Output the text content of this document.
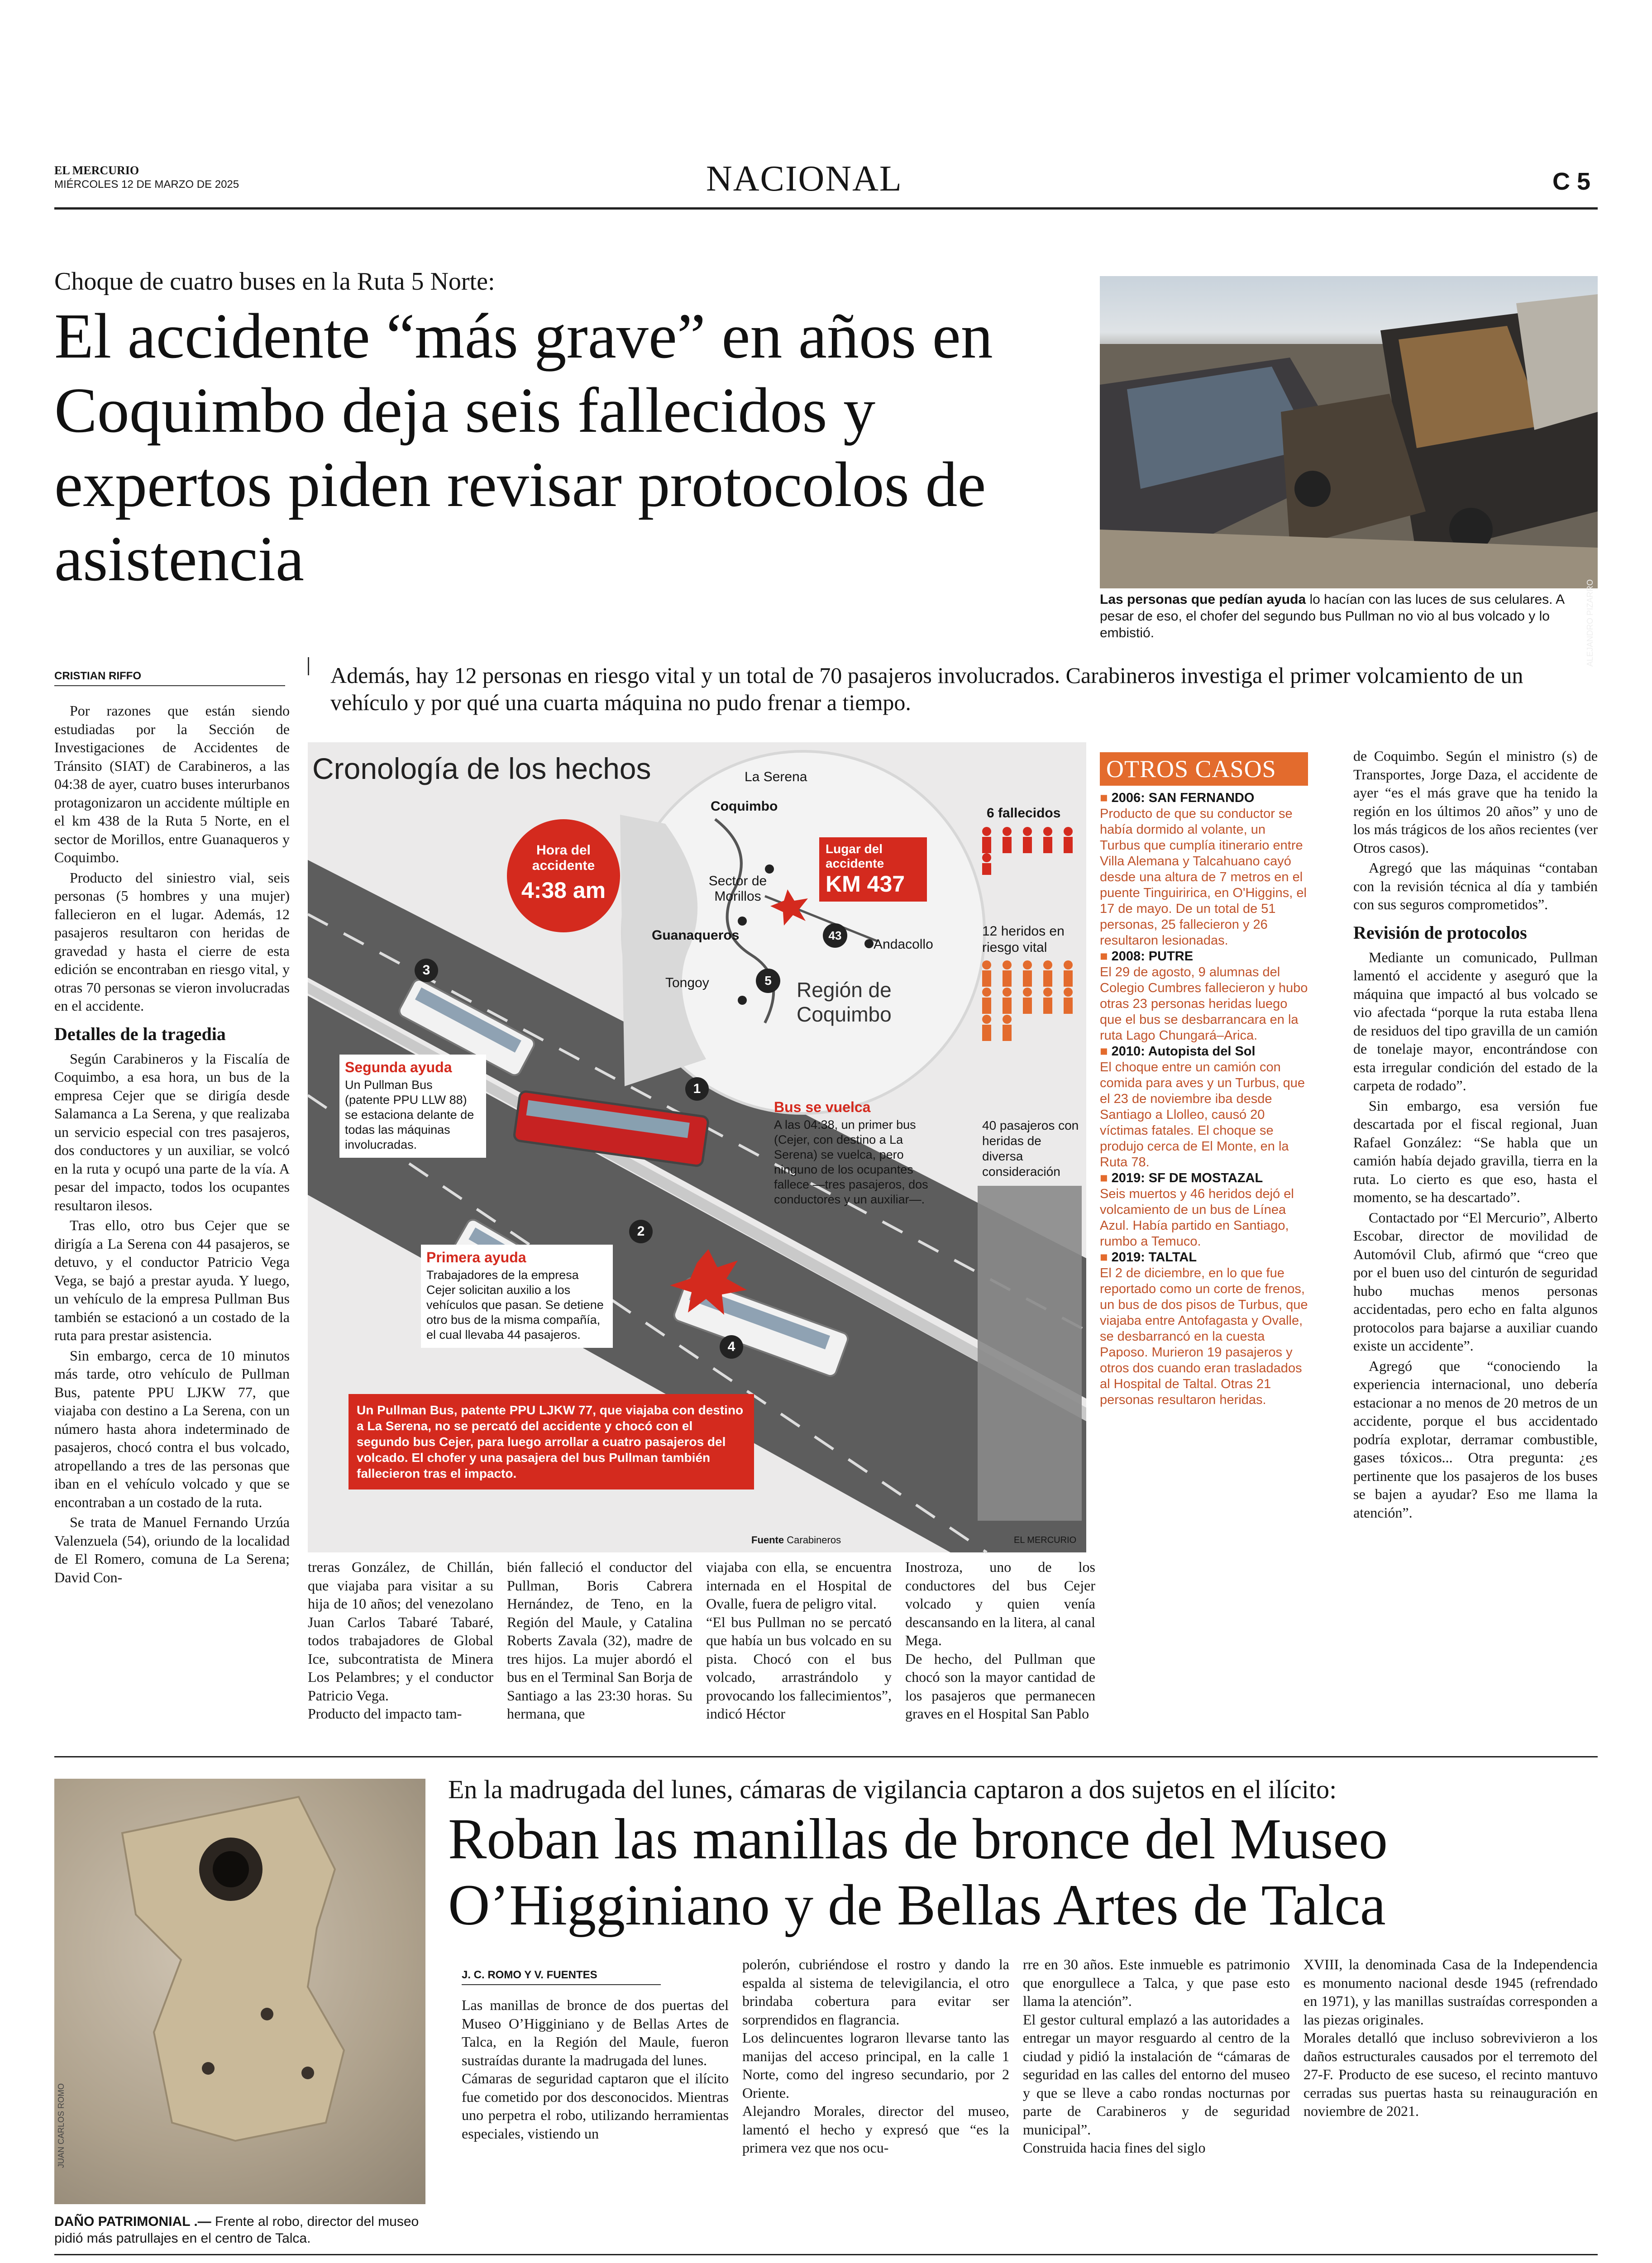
EL MERCURIO
MIÉRCOLES 12 DE MARZO DE 2025	NACIONAL	C 5
Choque de cuatro buses en la Ruta 5 Norte:
El accidente “más grave” en años en Coquimbo deja seis fallecidos y expertos piden revisar protocolos de asistencia
ALEJANDRO PIZARRO
Las personas que pedían ayuda lo hacían con las luces de sus celulares. A pesar de eso, el chofer del segundo bus Pullman no vio al bus volcado y lo embistió.
Además, hay 12 personas en riesgo vital y un total de 70 pasajeros involucrados. Carabineros investiga el primer volcamiento de un vehículo y por qué una cuarta máquina no pudo frenar a tiempo.
CRISTIAN RIFFO

Por razones que están siendo estudiadas por la Sección de Investigaciones de Accidentes de Tránsito (SIAT) de Carabineros, a las 04:38 de ayer, cuatro buses interurbanos protagonizaron un accidente múltiple en el km 438 de la Ruta 5 Norte, en el sector de Morillos, entre Guanaqueros y Coquimbo.

Producto del siniestro vial, seis personas (5 hombres y una mujer) fallecieron en el lugar. Además, 12 pasajeros resultaron con heridas de gravedad y hasta el cierre de esta edición se encontraban en riesgo vital, y otras 70 personas se vieron involucradas en el accidente.

Detalles de la tragedia

Según Carabineros y la Fiscalía de Coquimbo, a esa hora, un bus de la empresa Cejer que se dirigía desde Salamanca a La Serena, y que realizaba un servicio especial con tres pasajeros, dos conductores y un auxiliar, se volcó en la ruta y ocupó una parte de la vía. A pesar del impacto, todos los ocupantes resultaron ilesos.

Tras ello, otro bus Cejer que se dirigía a La Serena con 44 pasajeros, se detuvo, y el conductor Patricio Vega Vega, se bajó a prestar ayuda. Y luego, un vehículo de la empresa Pullman Bus también se estacionó a un costado de la ruta para prestar asistencia.

Sin embargo, cerca de 10 minutos más tarde, otro vehículo de Pullman Bus, patente PPU LJKW 77, que viajaba con destino a La Serena, con un número hasta ahora indeterminado de pasajeros, chocó contra el bus volcado, atropellando a tres de las personas que iban en el vehículo volcado y que se encontraban a un costado de la ruta.

Se trata de Manuel Fernando Urzúa Valenzuela (54), oriundo de la localidad de El Romero, comuna de La Serena; David Con-

Cronología de los hechos
Hora del accidente
4:38 am
La Serena
Coquimbo
Sector de Morillos
Guanaqueros
Tongoy
Andacollo
Región de Coquimbo
43
5
Lugar del accidente
KM 437
6 fallecidos
12 heridos en riesgo vital
40 pasajeros con heridas de diversa consideración
3
1
2
4
Bus se vuelca
A las 04:38, un primer bus (Cejer, con destino a La Serena) se vuelca, pero ninguno de los ocupantes fallece —tres pasajeros, dos conductores y un auxiliar—.
Segunda ayuda
Un Pullman Bus (patente PPU LLW 88) se estaciona delante de todas las máquinas involucradas.
Primera ayuda
Trabajadores de la empresa Cejer solicitan auxilio a los vehículos que pasan. Se detiene otro bus de la misma compañía, el cual llevaba 44 pasajeros.
Un Pullman Bus, patente PPU LJKW 77, que viajaba con destino a La Serena, no se percató del accidente y chocó con el segundo bus Cejer, para luego arrollar a cuatro pasajeros del volcado. El chofer y una pasajera del bus Pullman también fallecieron tras el impacto.
Fuente Carabineros	EL MERCURIO
OTROS CASOS

■ 2006: SAN FERNANDO

Producto de que su conductor se había dormido al volante, un Turbus que cumplía itinerario entre Villa Alemana y Talcahuano cayó desde una altura de 7 metros en el puente Tinguiririca, en O'Higgins, el 17 de mayo. De un total de 51 personas, 25 fallecieron y 26 resultaron lesionadas.

■ 2008: PUTRE

El 29 de agosto, 9 alumnas del Colegio Cumbres fallecieron y hubo otras 23 personas heridas luego que el bus se desbarrancara en la ruta Lago Chungará–Arica.

■ 2010: Autopista del Sol

El choque entre un camión con comida para aves y un Turbus, que el 23 de noviembre iba desde Santiago a Llolleo, causó 20 víctimas fatales. El choque se produjo cerca de El Monte, en la Ruta 78.

■ 2019: SF DE MOSTAZAL

Seis muertos y 46 heridos dejó el volcamiento de un bus de Línea Azul. Había partido en Santiago, rumbo a Temuco.

■ 2019: TALTAL

El 2 de diciembre, en lo que fue reportado como un corte de frenos, un bus de dos pisos de Turbus, que viajaba entre Antofagasta y Ovalle, se desbarrancó en la cuesta Paposo. Murieron 19 pasajeros y otros dos cuando eran trasladados al Hospital de Taltal. Otras 21 personas resultaron heridas.

de Coquimbo. Según el ministro (s) de Transportes, Jorge Daza, el accidente de ayer “es el más grave que ha tenido la región en los últimos 20 años” y uno de los más trágicos de los años recientes (ver Otros casos).

Agregó que las máquinas “contaban con la revisión técnica al día y también con sus seguros comprometidos”.

Revisión de protocolos

Mediante un comunicado, Pullman lamentó el accidente y aseguró que la máquina que impactó al bus volcado se vio afectada “porque la ruta estaba llena de residuos del tipo gravilla de un camión de tonelaje mayor, encontrándose con esta irregular condición del estado de la carpeta de rodado”.

Sin embargo, esa versión fue descartada por el fiscal regional, Juan Rafael González: “Se habla que un camión había dejado gravilla, tierra en la ruta. Lo cierto es que eso, hasta el momento, se ha descartado”.

Contactado por “El Mercurio”, Alberto Escobar, director de movilidad de Automóvil Club, afirmó que “creo que por el buen uso del cinturón de seguridad hubo muchas menos personas accidentadas, pero echo en falta algunos protocolos para bajarse a auxiliar cuando existe un accidente”.

Agregó que “conociendo la experiencia internacional, uno debería estacionar a no menos de 20 metros de un accidente, porque el bus accidentado podría explotar, derramar combustible, gases tóxicos... Otra pregunta: ¿es pertinente que los pasajeros de los buses se bajen a ayudar? Eso me llama la atención”.

treras González, de Chillán, que viajaba para visitar a su hija de 10 años; del venezolano Juan Carlos Tabaré Tabaré, todos trabajadores de Global Ice, subcontratista de Minera Los Pelambres; y el conductor Patricio Vega.
Producto del impacto tam-
bién falleció el conductor del Pullman, Boris Cabrera Hernández, de Teno, en la Región del Maule, y Catalina Roberts Zavala (32), madre de tres hijos. La mujer abordó el bus en el Terminal San Borja de Santiago a las 23:30 horas. Su hermana, que
viajaba con ella, se encuentra internada en el Hospital de Ovalle, fuera de peligro vital.
“El bus Pullman no se percató que había un bus volcado en su pista. Chocó con el bus volcado, arrastrándolo y provocando los fallecimientos”, indicó Héctor
Inostroza, uno de los conductores del bus Cejer volcado y quien venía descansando en la litera, al canal Mega.
De hecho, del Pullman que chocó son la mayor cantidad de los pasajeros que permanecen graves en el Hospital San Pablo
JUAN CARLOS ROMO
DAÑO PATRIMONIAL .— Frente al robo, director del museo pidió más patrullajes en el centro de Talca.
En la madrugada del lunes, cámaras de vigilancia captaron a dos sujetos en el ilícito:
Roban las manillas de bronce del Museo O’Higginiano y de Bellas Artes de Talca
J. C. ROMO Y V. FUENTES
Las manillas de bronce de dos puertas del Museo O’Higginiano y de Bellas Artes de Talca, en la Región del Maule, fueron sustraídas durante la madrugada del lunes.
Cámaras de seguridad captaron que el ilícito fue cometido por dos desconocidos. Mientras uno perpetra el robo, utilizando herramientas especiales, vistiendo un
polerón, cubriéndose el rostro y dando la espalda al sistema de televigilancia, el otro brindaba cobertura para evitar ser sorprendidos en flagrancia.
Los delincuentes lograron llevarse tanto las manijas del acceso principal, en la calle 1 Norte, como del ingreso secundario, por 2 Oriente.
Alejandro Morales, director del museo, lamentó el hecho y expresó que “es la primera vez que nos ocu-
rre en 30 años. Este inmueble es patrimonio que enorgullece a Talca, y que pase esto llama la atención”.
El gestor cultural emplazó a las autoridades a entregar un mayor resguardo al centro de la ciudad y pidió la instalación de “cámaras de seguridad en las calles del entorno del museo y que se lleve a cabo rondas nocturnas por parte de Carabineros y de seguridad municipal”.
Construida hacia fines del siglo
XVIII, la denominada Casa de la Independencia es monumento nacional desde 1945 (refrendado en 1971), y las manillas sustraídas corresponden a las piezas originales.
Morales detalló que incluso sobrevivieron a los daños estructurales causados por el terremoto del 27-F. Producto de ese suceso, el recinto mantuvo cerradas sus puertas hasta su reinauguración en noviembre de 2021.
